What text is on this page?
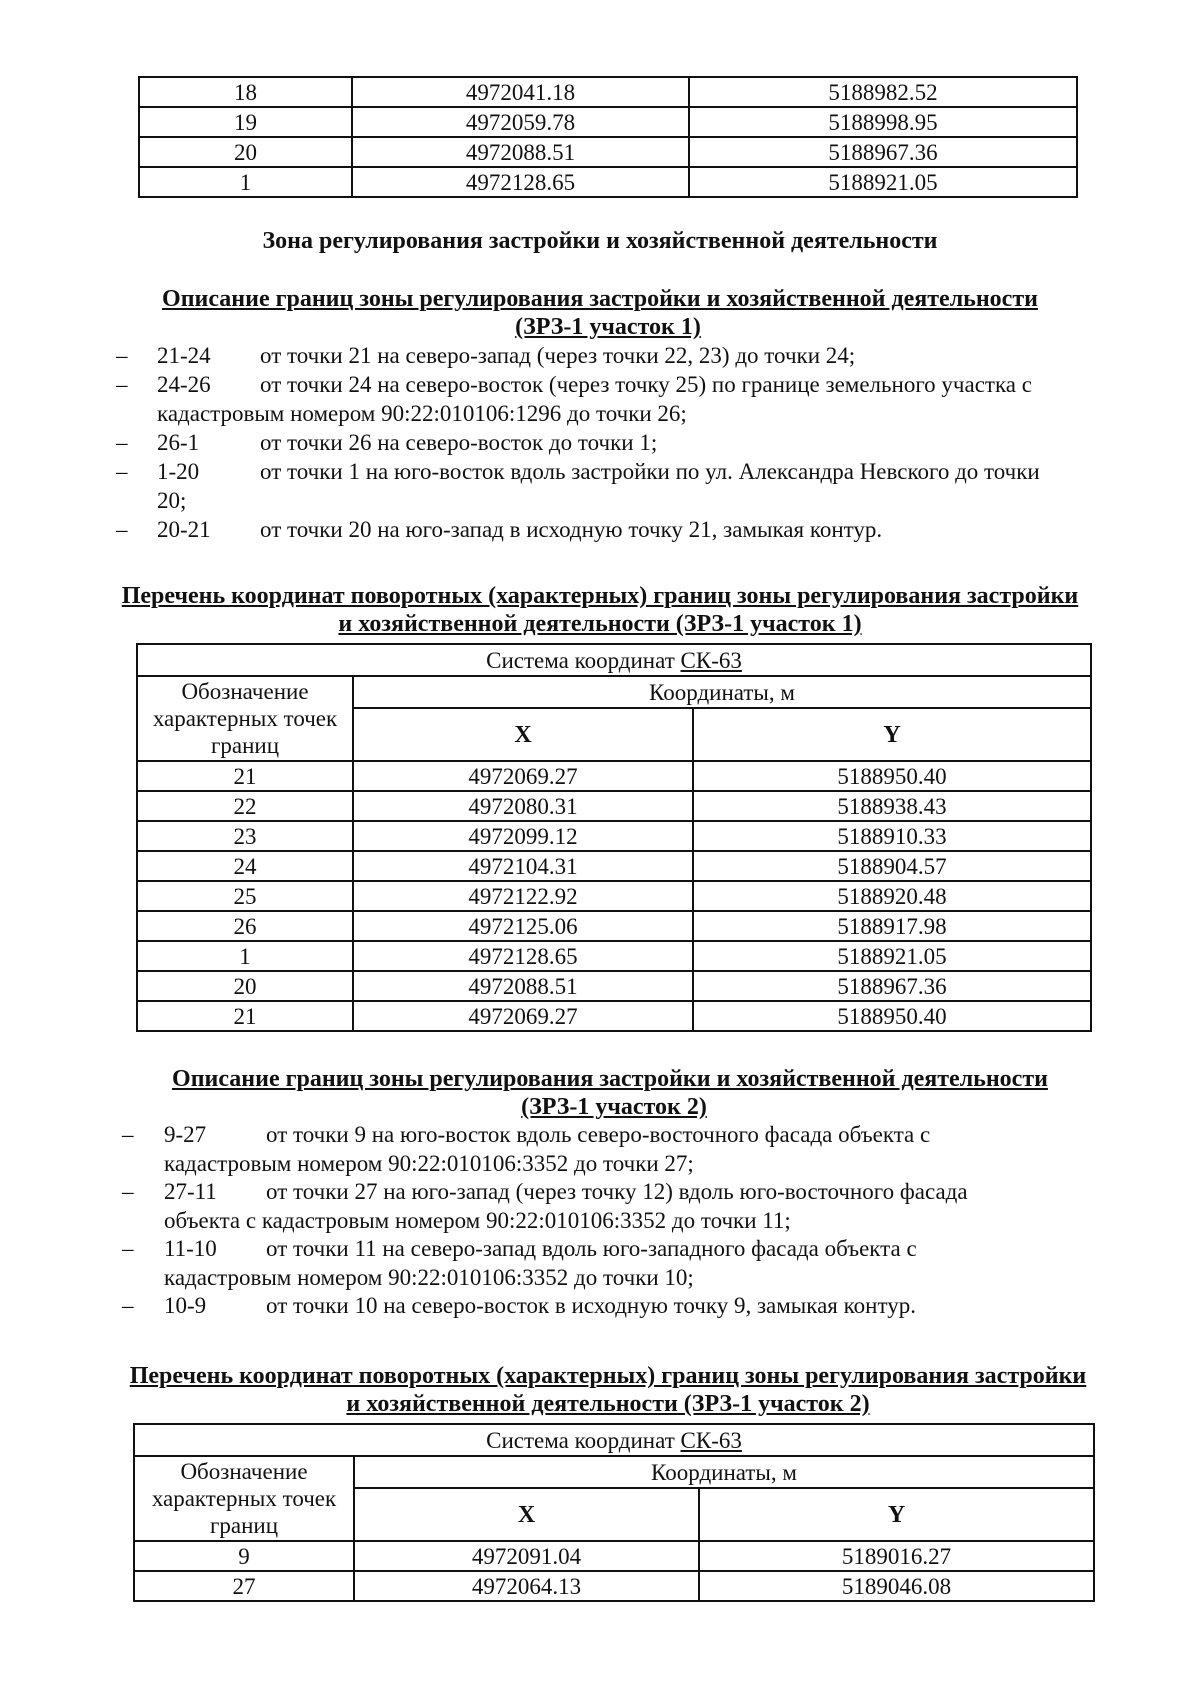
18	4972041.18	5188982.52
19	4972059.78	5188998.95
20	4972088.51	5188967.36
1	4972128.65	5188921.05
Зона регулирования застройки и хозяйственной деятельности
Описание границ зоны регулирования застройки и хозяйственной деятельности
(ЗРЗ-1 участок 1)
– 21-24 от точки 21 на северо-запад (через точки 22, 23) до точки 24;
– 24-26 от точки 24 на северо-восток (через точку 25) по границе земельного участка с
кадастровым номером 90:22:010106:1296 до точки 26;
– 26-1	от точки 26 на северо-восток до точки 1;
– 1-20	от точки 1 на юго-восток вдоль застройки по ул. Александра Невского до точки
20;
– 20-21 от точки 20 на юго-запад в исходную точку 21, замыкая контур.
Перечень координат поворотных (характерных) границ зоны регулирования застройки
и хозяйственной деятельности (ЗРЗ-1 участок 1)
Система координат СК-63		
Обозначение характерных точек границ	Координаты, м	
	X	Y
21	4972069.27	5188950.40
22	4972080.31	5188938.43
23	4972099.12	5188910.33
24	4972104.31	5188904.57
25	4972122.92	5188920.48
26	4972125.06	5188917.98
1	4972128.65	5188921.05
20	4972088.51	5188967.36
21	4972069.27	5188950.40
Описание границ зоны регулирования застройки и хозяйственной деятельности
(ЗРЗ-1 участок 2)
– 9-27	от точки 9 на юго-восток вдоль северо-восточного фасада объекта с
кадастровым номером 90:22:010106:3352 до точки 27;
– 27-11 от точки 27 на юго-запад (через точку 12) вдоль юго-восточного фасада
объекта с кадастровым номером 90:22:010106:3352 до точки 11;
– 11-10 от точки 11 на северо-запад вдоль юго-западного фасада объекта с
кадастровым номером 90:22:010106:3352 до точки 10;
– 10-9	от точки 10 на северо-восток в исходную точку 9, замыкая контур.
Перечень координат поворотных (характерных) границ зоны регулирования застройки
и хозяйственной деятельности (ЗРЗ-1 участок 2)
Система координат СК-63		
Обозначение характерных точек границ	Координаты, м	
	X	Y
9	4972091.04	5189016.27
27	4972064.13	5189046.08
